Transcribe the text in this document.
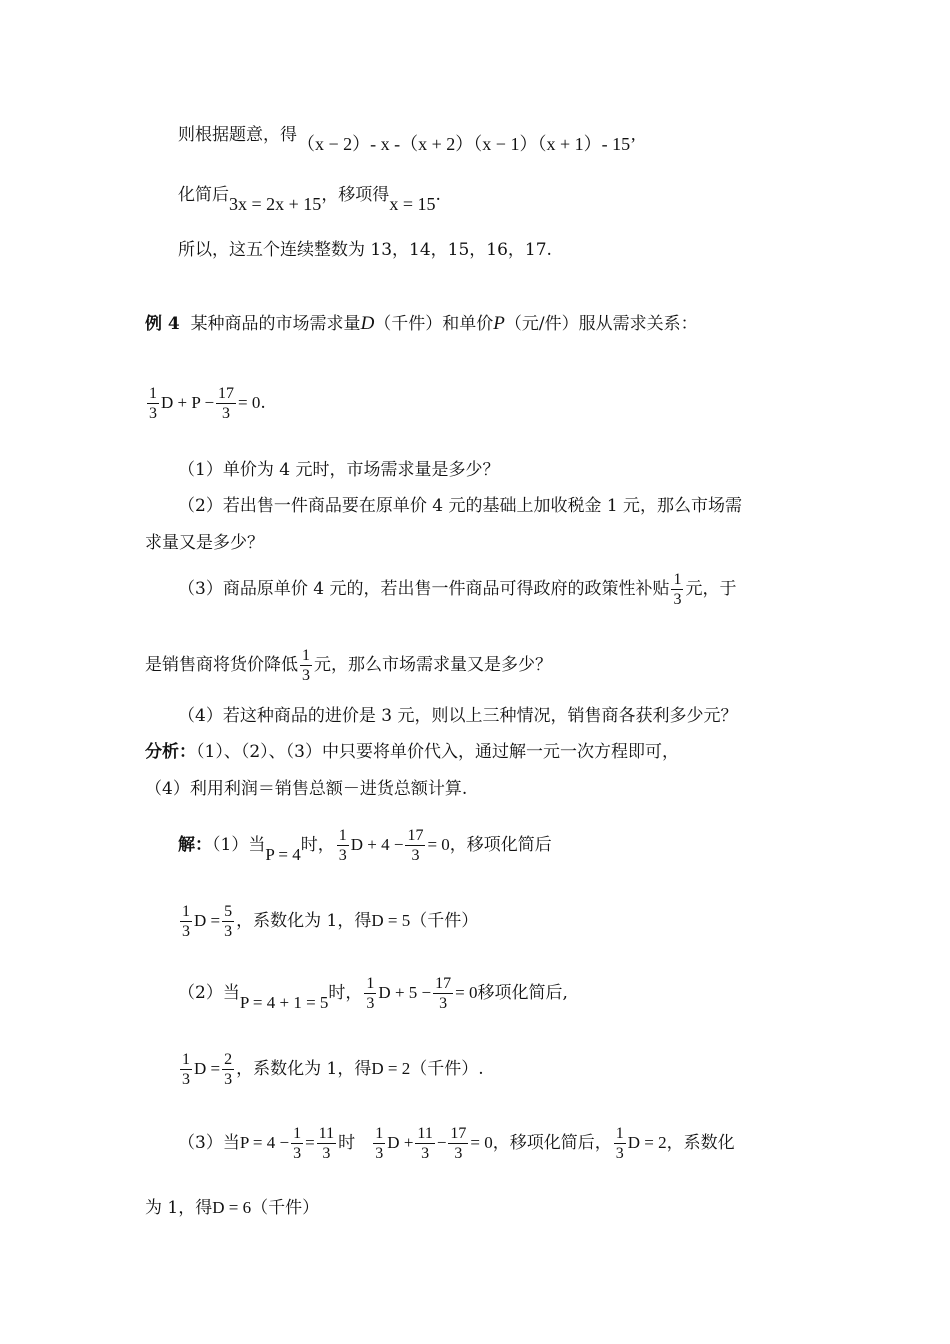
则根据题意，得（x − 2）- x -（x + 2）（x − 1）（x + 1）- 15’
化简后3x = 2x + 15，移项得x = 15.
所以，这五个连续整数为 13，14，15，16，17.
例 4 某种商品的市场需求量D（千件）和单价P（元/件）服从需求关系：
$\frac{1}{3}$ $D + P - \frac{17}{3} = 0$.
（1）单价为 4 元时，市场需求量是多少？
（2）若出售一件商品要在原单价 4 元的基础上加收税金 1 元，那么市场需
求量又是多少？
（3）商品原单价 4 元的，若出售一件商品可得政府的政策性补贴 $\frac{1}{3}$ 元，于
是销售商将货价降低 $\frac{1}{3}$ 元，那么市场需求量又是多少？
（4）若这种商品的进价是 3 元，则以上三种情况，销售商各获利多少元？
分析：（1）、（2）、（3）中只要将单价代入，通过解一元一次方程即可，
（4）利用利润＝销售总额－进货总额计算.
解：（1）当P = 4时， $\frac{1}{3}$ $D + 4 - \frac{17}{3} = 0$，移项化简后
$\frac{1}{3}$ $D = \frac{5}{3}$ ，系数化为 1，得D = 5（千件）
（2）当P = 4 + 1 = 5时， $\frac{1}{3}$ $D + 5 - \frac{17}{3} = 0$移项化简后,
$\frac{1}{3}$ $D = \frac{2}{3}$ ，系数化为 1，得D = 2（千件）.
（3）当$P = 4 - \frac{1}{3} = \frac{11}{3}$ 时 $\frac{1}{3}$ $D + \frac{11}{3} - \frac{17}{3} = 0$，移项化简后， $\frac{1}{3}$ D = 2，系数化
为 1，得D = 6（千件）
